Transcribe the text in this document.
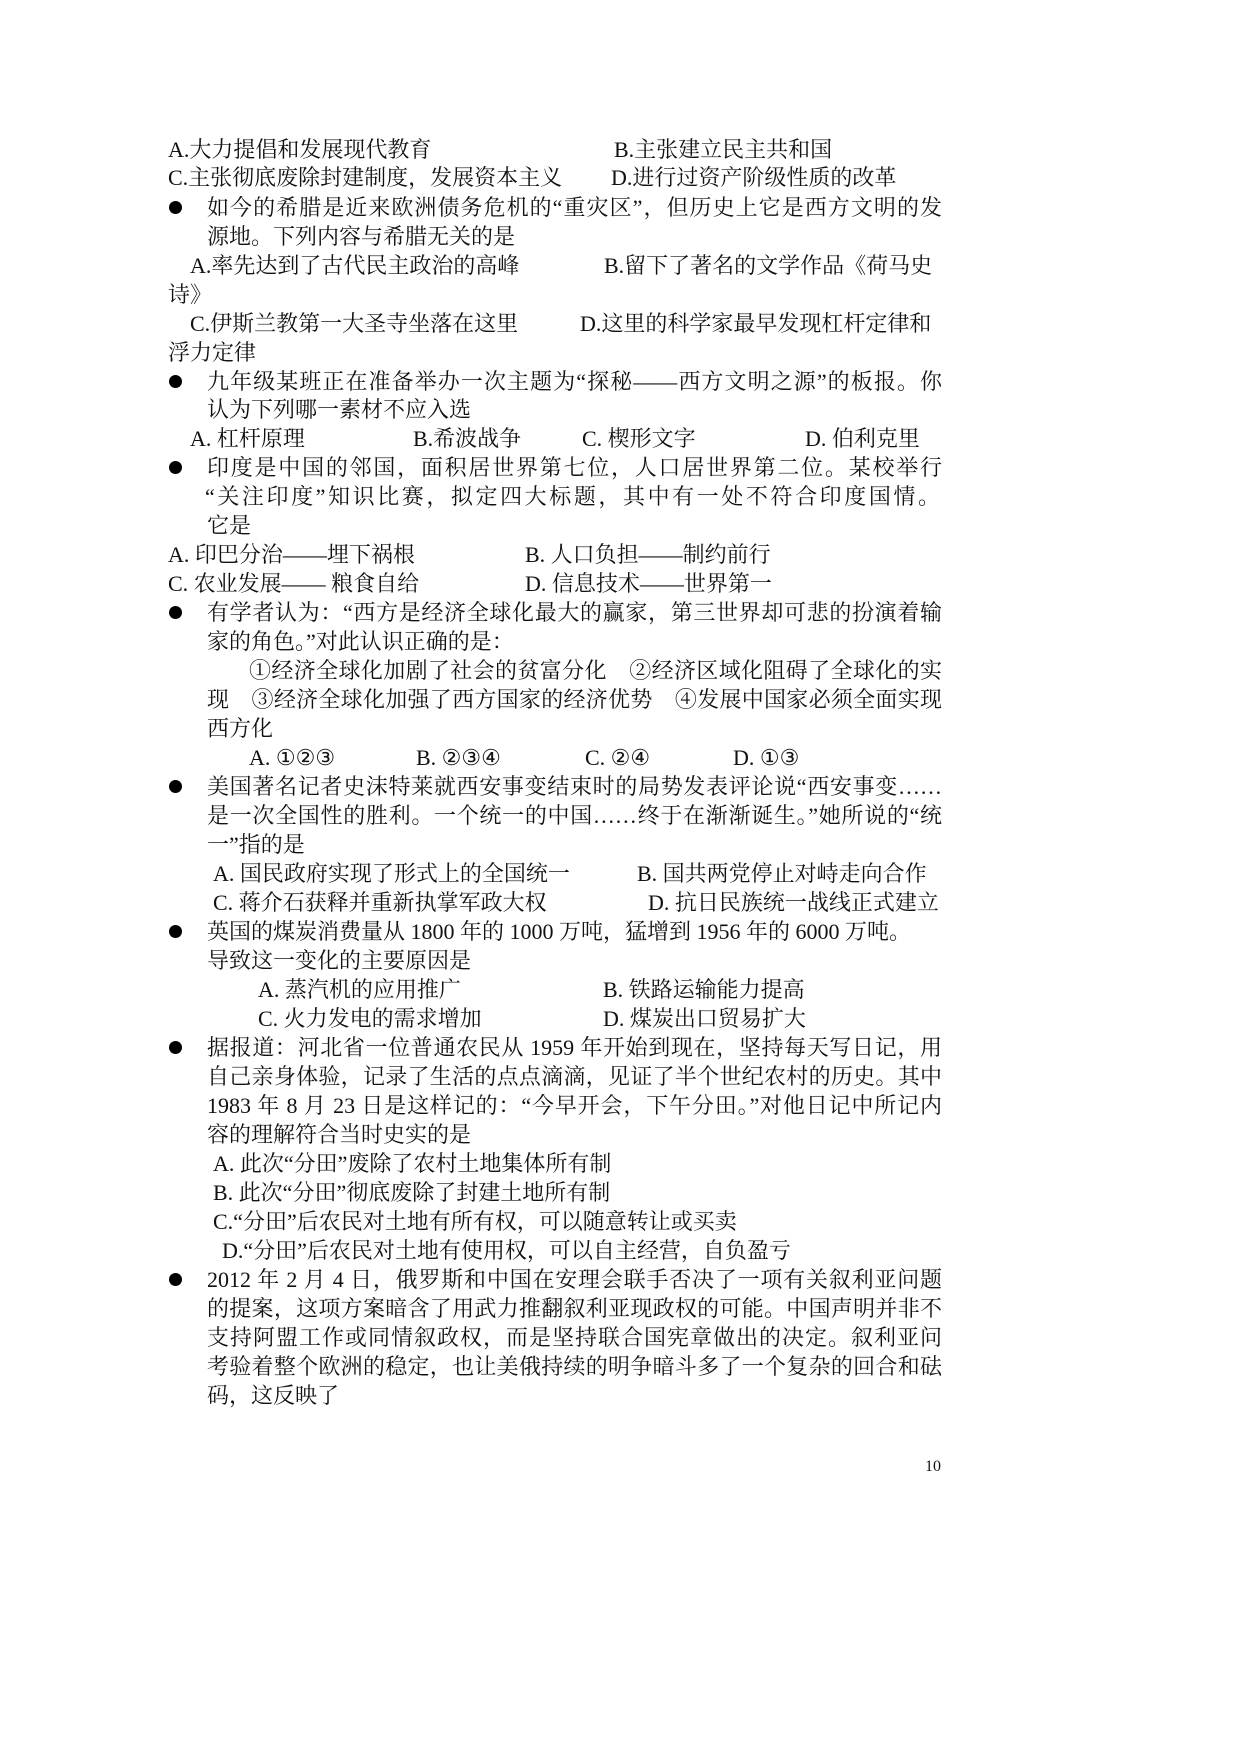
A.大力提倡和发展现代教育	B.主张建立民主共和国
C.主张彻底废除封建制度，发展资本主义 D.进行过资产阶级性质的改革
如今的希腊是近来欧洲债务危机的“重灾区”，但历史上它是西方文明的发
源地。下列内容与希腊无关的是
A.率先达到了古代民主政治的高峰	B.留下了著名的文学作品《荷马史
诗》
C.伊斯兰教第一大圣寺坐落在这里	D.这里的科学家最早发现杠杆定律和
浮力定律
九年级某班正在准备举办一次主题为“探秘——西方文明之源”的板报。你
认为下列哪一素材不应入选
A. 杠杆原理	B.希波战争	C. 楔形文字	D. 伯利克里
印度是中国的邻国，面积居世界第七位，人口居世界第二位。某校举行
“关注印度”知识比赛，拟定四大标题，其中有一处不符合印度国情。
它是
A. 印巴分治——埋下祸根	B. 人口负担——制约前行
C. 农业发展—— 粮食自给	D. 信息技术——世界第一
有学者认为：“西方是经济全球化最大的赢家，第三世界却可悲的扮演着输
家的角色。”对此认识正确的是：
①经济全球化加剧了社会的贫富分化　②经济区域化阻碍了全球化的实
现　③经济全球化加强了西方国家的经济优势　④发展中国家必须全面实现
西方化
A. ①②③	B. ②③④	C. ②④	D. ①③
美国著名记者史沫特莱就西安事变结束时的局势发表评论说“西安事变……
是一次全国性的胜利。一个统一的中国……终于在渐渐诞生。”她所说的“统
一”指的是
A. 国民政府实现了形式上的全国统一	B. 国共两党停止对峙走向合作
C. 蒋介石获释并重新执掌军政大权	D. 抗日民族统一战线正式建立
英国的煤炭消费量从 1800 年的 1000 万吨，猛增到 1956 年的 6000 万吨。
导致这一变化的主要原因是
A. 蒸汽机的应用推广	B. 铁路运输能力提高
C. 火力发电的需求增加	D. 煤炭出口贸易扩大
据报道：河北省一位普通农民从 1959 年开始到现在，坚持每天写日记，用
自己亲身体验，记录了生活的点点滴滴，见证了半个世纪农村的历史。其中
1983 年 8 月 23 日是这样记的：“今早开会，下午分田。”对他日记中所记内
容的理解符合当时史实的是
A. 此次“分田”废除了农村土地集体所有制
B. 此次“分田”彻底废除了封建土地所有制
C.“分田”后农民对土地有所有权，可以随意转让或买卖
D.“分田”后农民对土地有使用权，可以自主经营，自负盈亏
2012 年 2 月 4 日，俄罗斯和中国在安理会联手否决了一项有关叙利亚问题
的提案，这项方案暗含了用武力推翻叙利亚现政权的可能。中国声明并非不
支持阿盟工作或同情叙政权，而是坚持联合国宪章做出的决定。叙利亚问
考验着整个欧洲的稳定，也让美俄持续的明争暗斗多了一个复杂的回合和砝
码，这反映了
10
